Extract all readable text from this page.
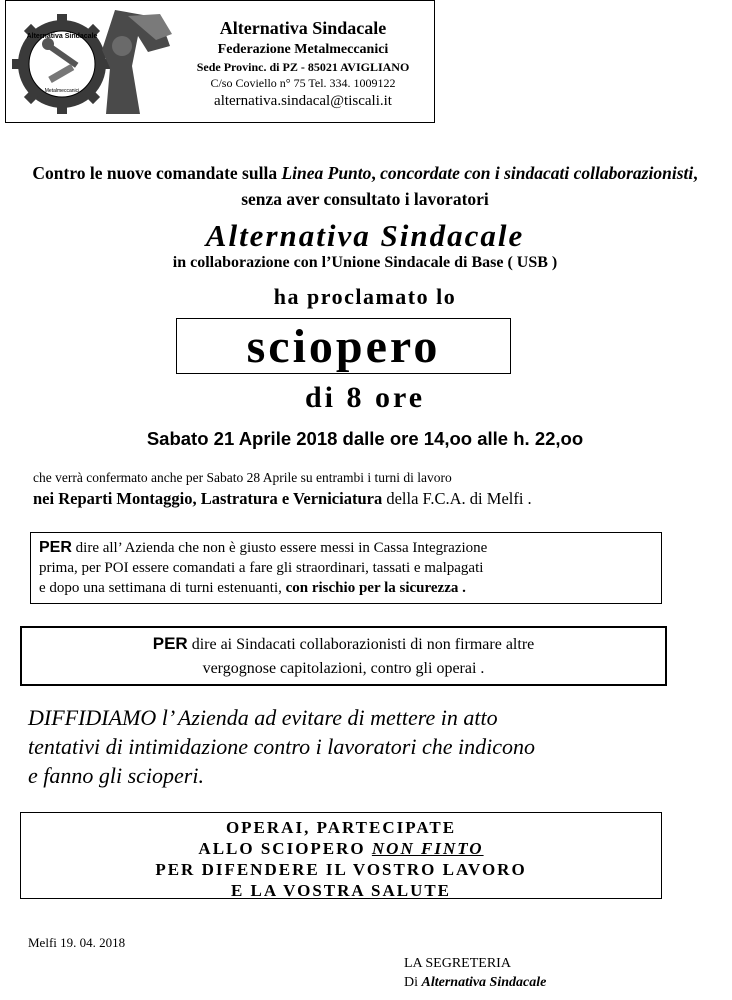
Alternativa Sindacale
Metalmeccanici
Alternativa Sindacale
Federazione Metalmeccanici
Sede Provinc. di PZ - 85021 AVIGLIANO
C/so Coviello n° 75 Tel. 334. 1009122
alternativa.sindacal@tiscali.it
Contro le nuove comandate sulla Linea Punto, concordate con i sindacati collaborazionisti, senza aver consultato i lavoratori
Alternativa Sindacale
in collaborazione con l’Unione Sindacale di Base ( USB )
ha proclamato lo
sciopero
di 8 ore
Sabato 21 Aprile 2018 dalle ore 14,oo alle h. 22,oo
che verrà confermato anche per Sabato 28 Aprile su entrambi i turni di lavoro
nei Reparti Montaggio, Lastratura e Verniciatura della F.C.A. di Melfi .
PER dire all’ Azienda che non è giusto essere messi in Cassa Integrazione
prima, per POI essere comandati a fare gli straordinari, tassati e malpagati
e dopo una settimana di turni estenuanti, con rischio per la sicurezza .
PER dire ai Sindacati collaborazionisti di non firmare altre
vergognose capitolazioni, contro gli operai .
DIFFIDIAMO l’ Azienda ad evitare di mettere in atto
tentativi di intimidazione contro i lavoratori che indicono
e fanno gli scioperi.
OPERAI, PARTECIPATE
ALLO SCIOPERO NON FINTO
PER DIFENDERE IL VOSTRO LAVORO
E LA VOSTRA SALUTE
Melfi 19. 04. 2018
LA SEGRETERIA
Di Alternativa Sindacale
